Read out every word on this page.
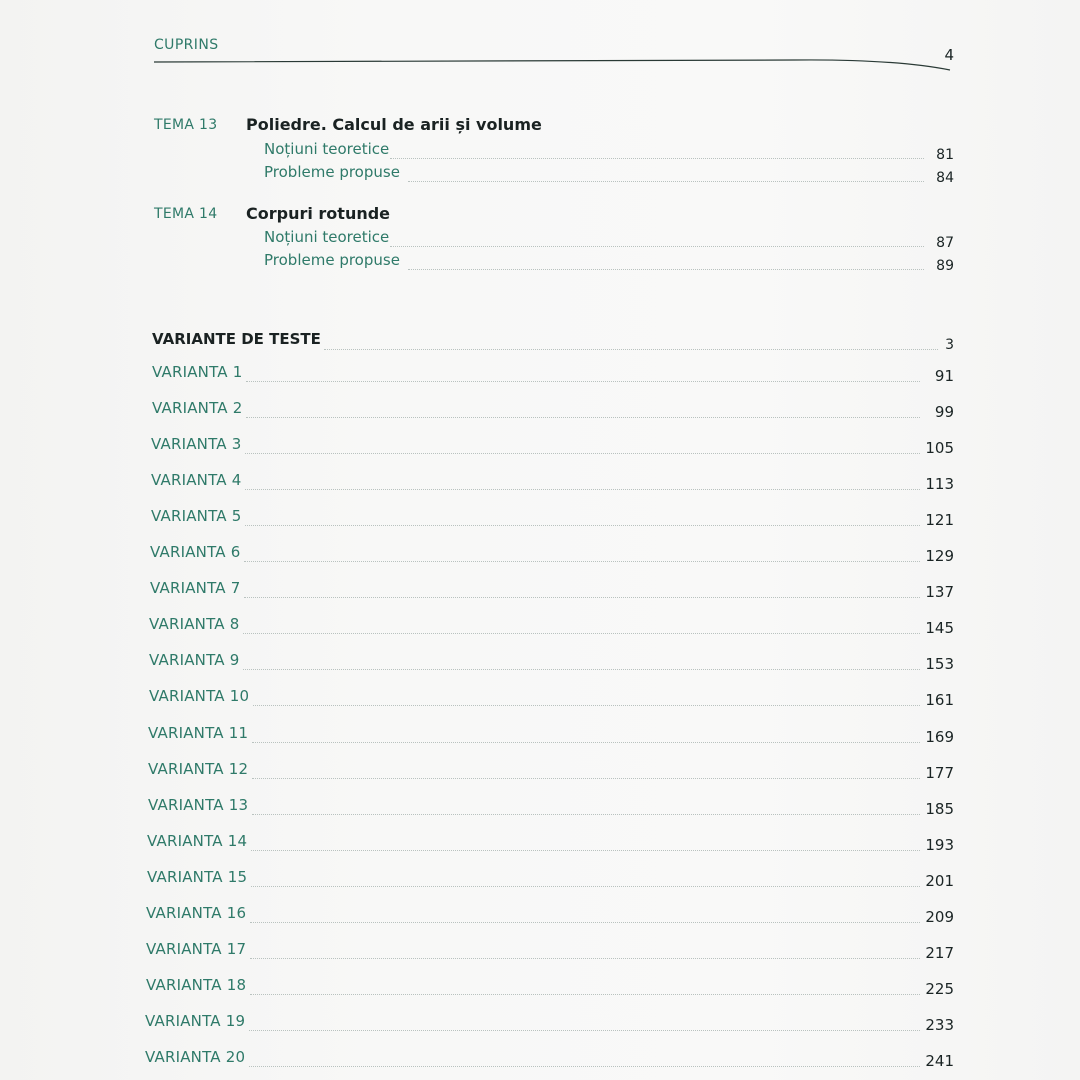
CUPRINS
4
TEMA 13 Poliedre. Calcul de arii și volume
Noțiuni teoretice	81
Probleme propuse	84
TEMA 14 Corpuri rotunde
Noțiuni teoretice	87
Probleme propuse	89
VARIANTE DE TESTE	3
VARIANTA 1	91
VARIANTA 2	99
VARIANTA 3	105
VARIANTA 4	113
VARIANTA 5	121
VARIANTA 6	129
VARIANTA 7	137
VARIANTA 8	145
VARIANTA 9	153
VARIANTA 10	161
VARIANTA 11	169
VARIANTA 12	177
VARIANTA 13	185
VARIANTA 14	193
VARIANTA 15	201
VARIANTA 16	209
VARIANTA 17	217
VARIANTA 18	225
VARIANTA 19	233
VARIANTA 20	241
